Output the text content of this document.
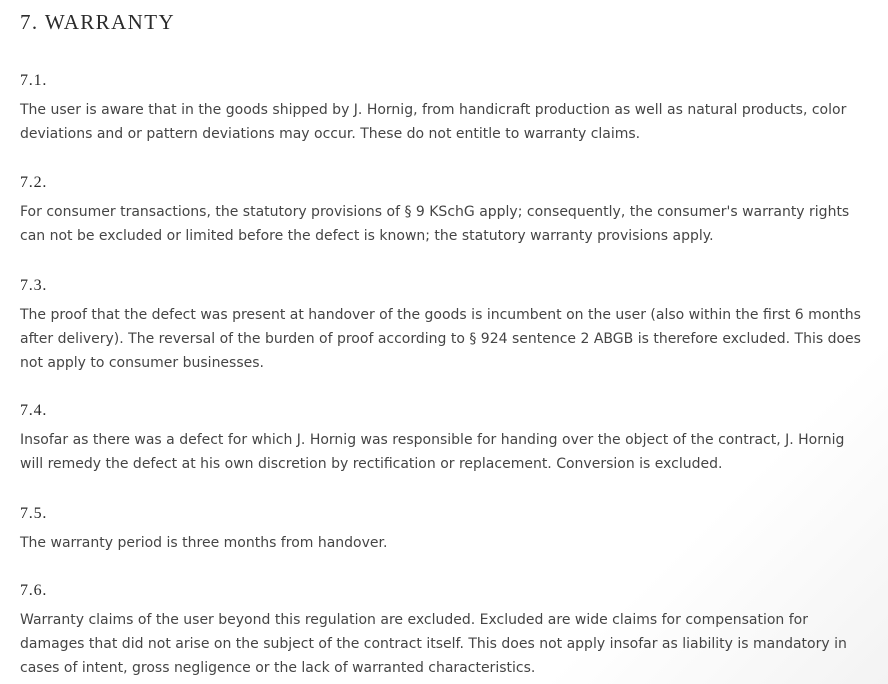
7. WARRANTY
7.1.

The user is aware that in the goods shipped by J. Hornig, from handicraft production as well as natural products, color deviations and or pattern deviations may occur. These do not entitle to warranty claims.

7.2.

For consumer transactions, the statutory provisions of § 9 KSchG apply; consequently, the consumer's warranty rights can not be excluded or limited before the defect is known; the statutory warranty provisions apply.

7.3.

The proof that the defect was present at handover of the goods is incumbent on the user (also within the first 6 months after delivery). The reversal of the burden of proof according to § 924 sentence 2 ABGB is therefore excluded. This does not apply to consumer businesses.

7.4.

Insofar as there was a defect for which J. Hornig was responsible for handing over the object of the contract, J. Hornig will remedy the defect at his own discretion by rectification or replacement. Conversion is excluded.

7.5.

The warranty period is three months from handover.

7.6.

Warranty claims of the user beyond this regulation are excluded. Excluded are wide claims for compensation for damages that did not arise on the subject of the contract itself. This does not apply insofar as liability is mandatory in cases of intent, gross negligence or the lack of warranted characteristics.
